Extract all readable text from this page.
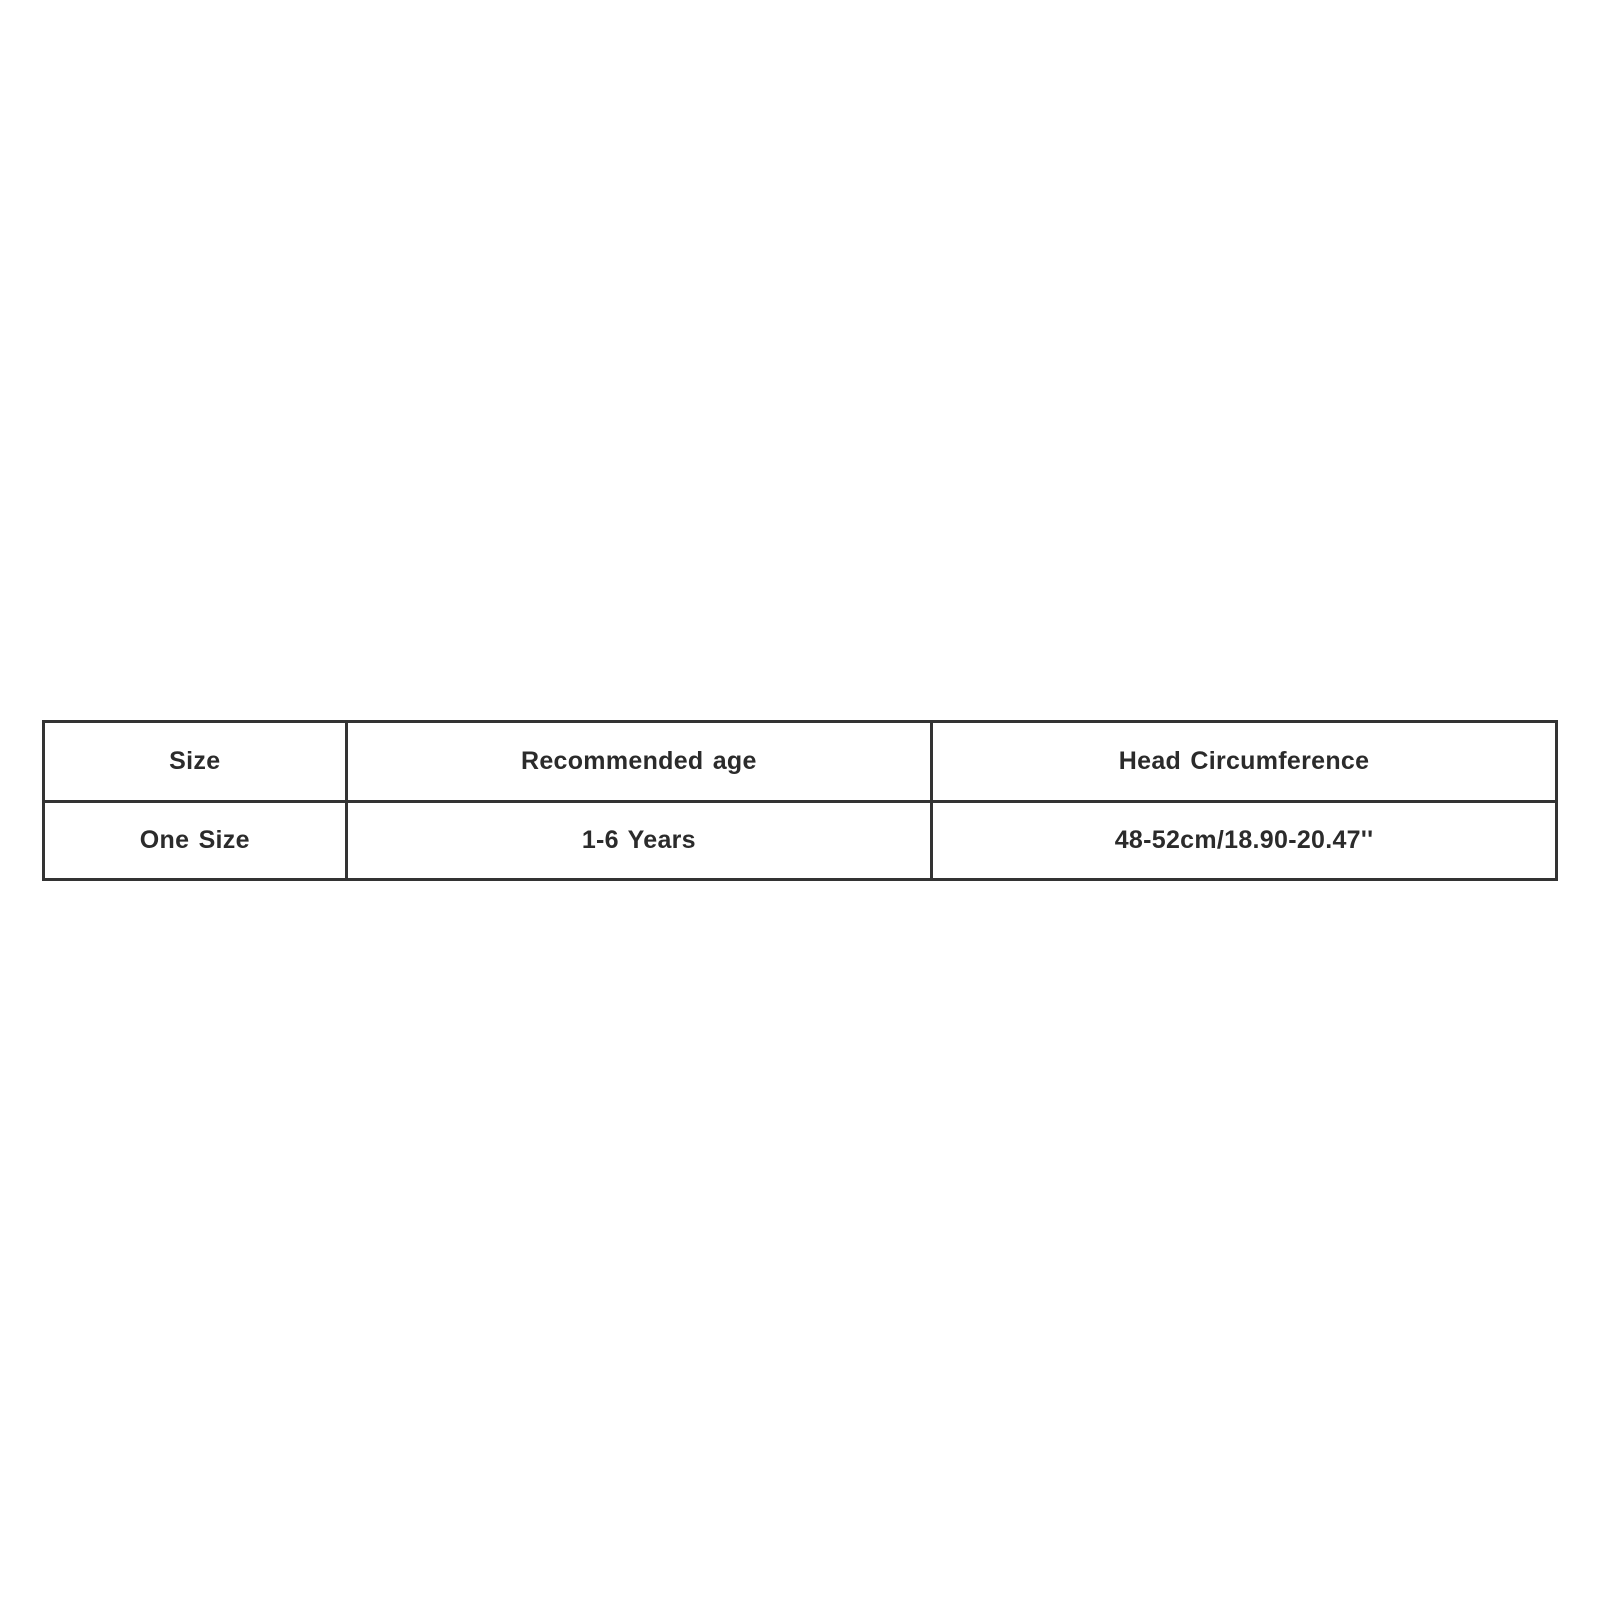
Size	Recommended age	Head Circumference
One Size	1-6 Years	48-52cm/18.90-20.47''
